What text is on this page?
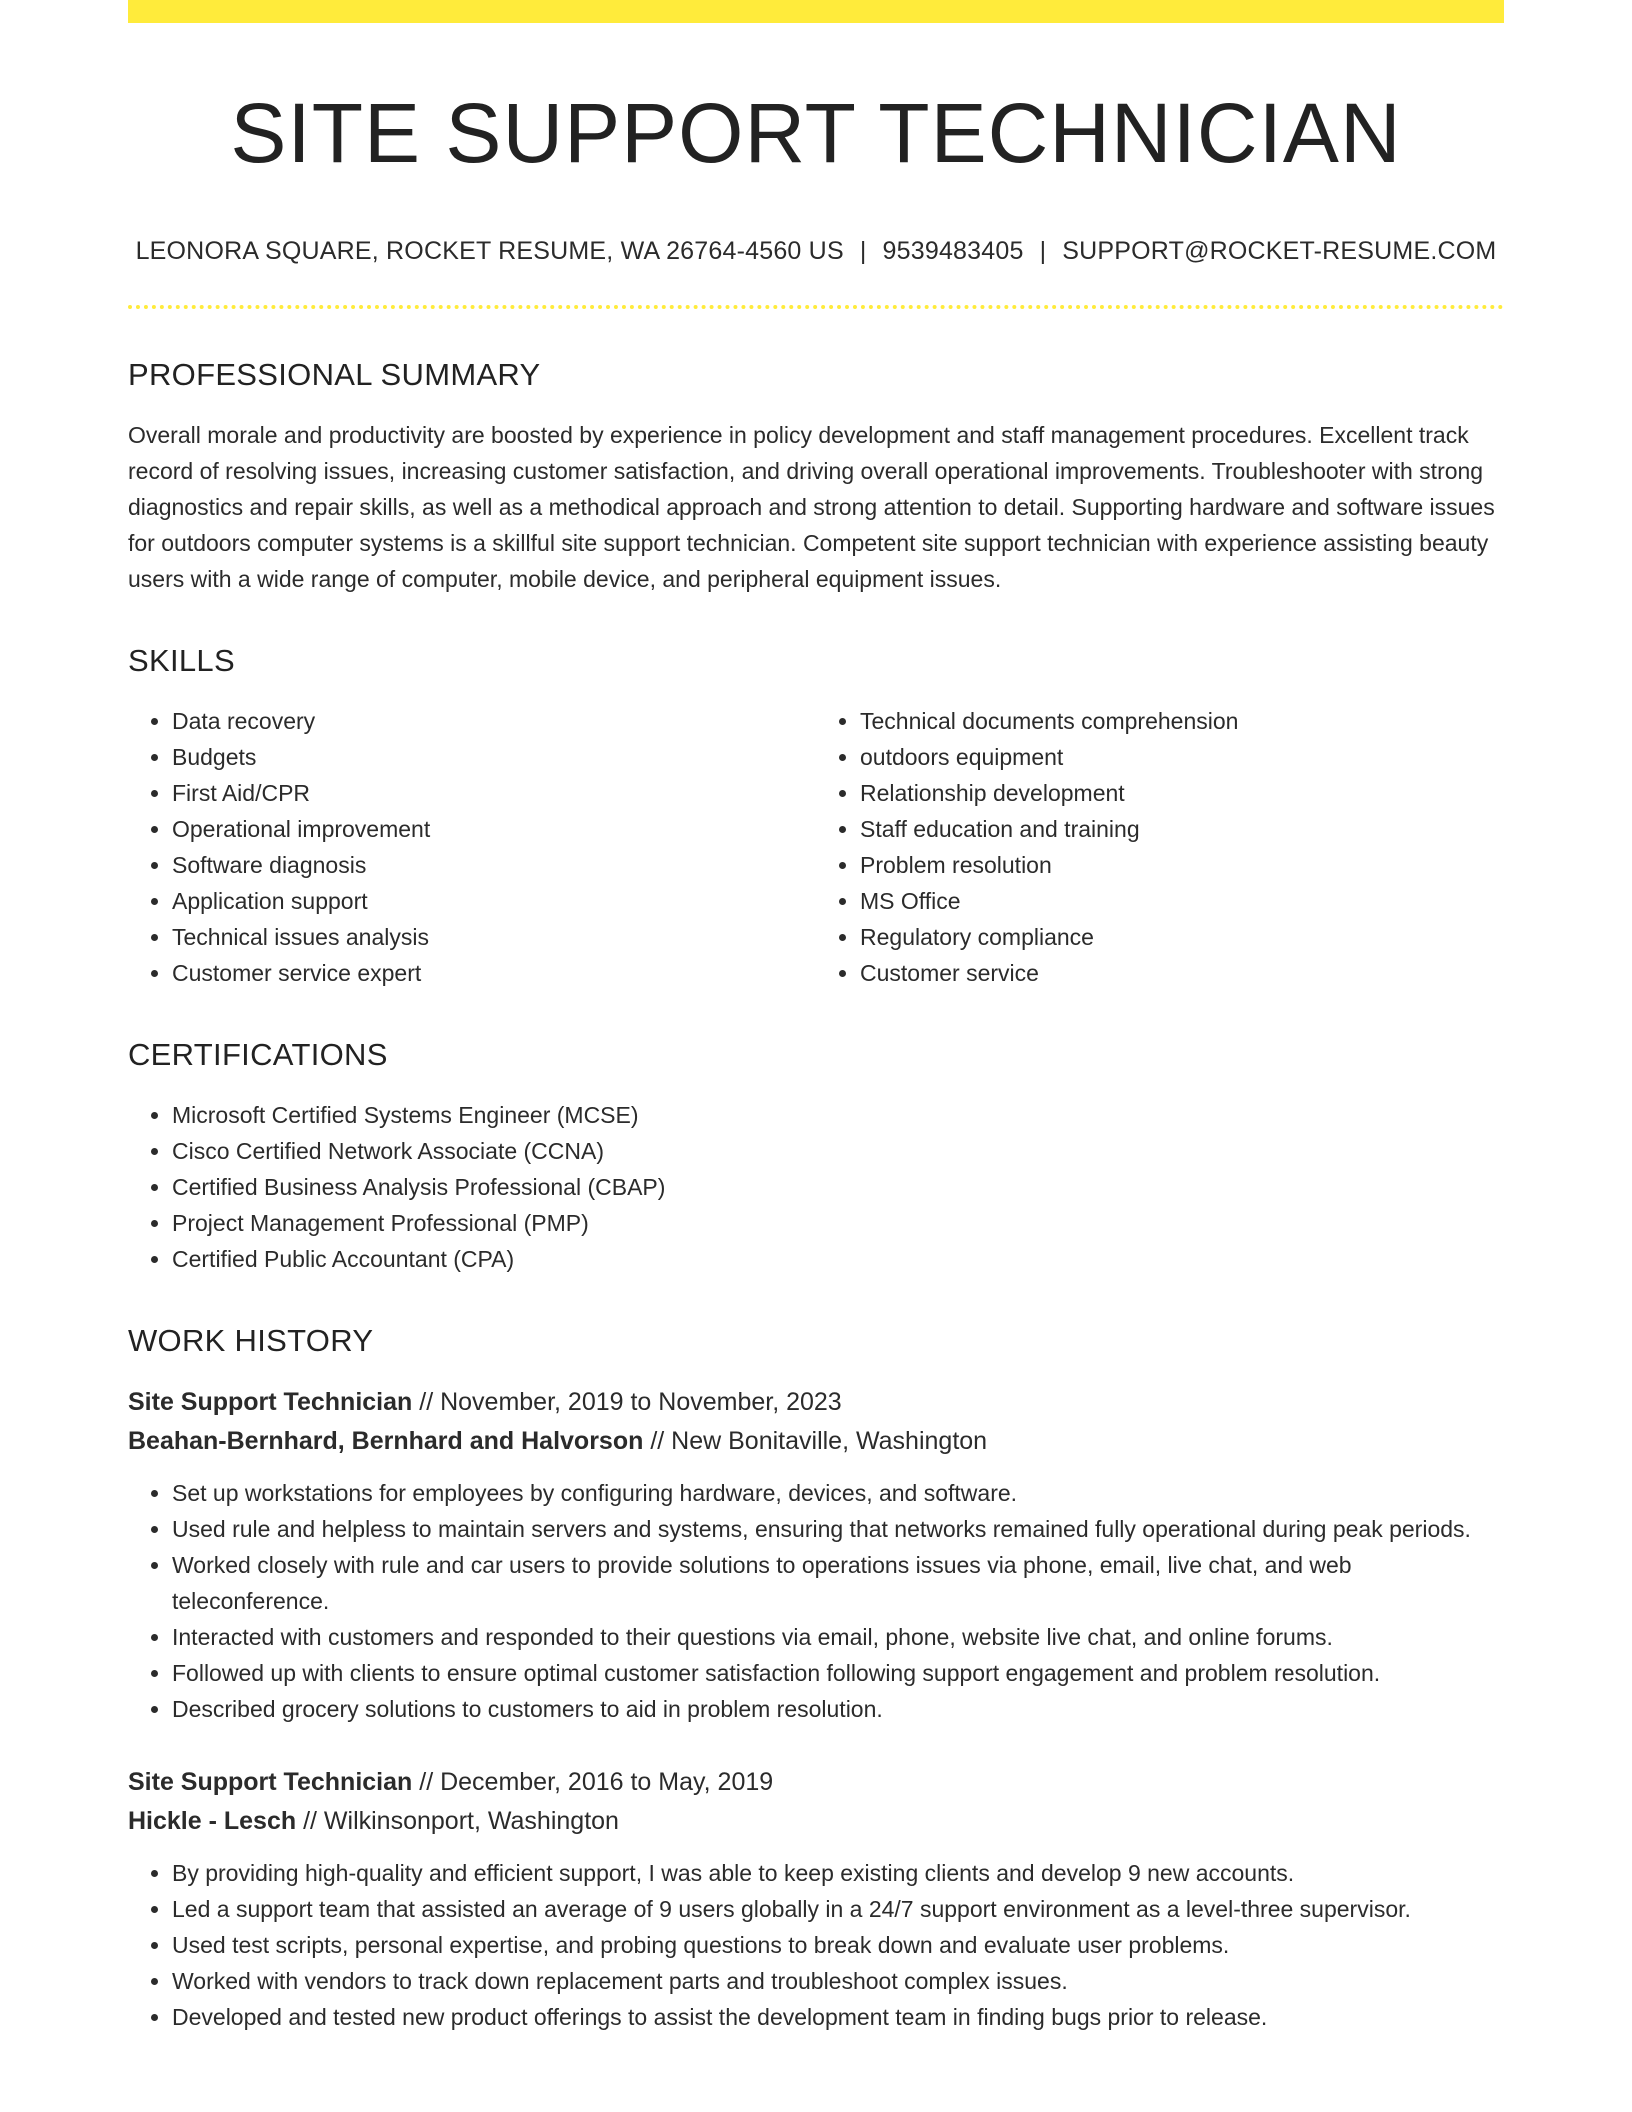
SITE SUPPORT TECHNICIAN
LEONORA SQUARE, ROCKET RESUME, WA 26764-4560 US | 9539483405 | SUPPORT@ROCKET-RESUME.COM
PROFESSIONAL SUMMARY
Overall morale and productivity are boosted by experience in policy development and staff management procedures. Excellent track record of resolving issues, increasing customer satisfaction, and driving overall operational improvements. Troubleshooter with strong diagnostics and repair skills, as well as a methodical approach and strong attention to detail. Supporting hardware and software issues for outdoors computer systems is a skillful site support technician. Competent site support technician with experience assisting beauty users with a wide range of computer, mobile device, and peripheral equipment issues.
SKILLS
• Data recovery
• Budgets
• First Aid/CPR
• Operational improvement
• Software diagnosis
• Application support
• Technical issues analysis
• Customer service expert
• Technical documents comprehension
• outdoors equipment
• Relationship development
• Staff education and training
• Problem resolution
• MS Office
• Regulatory compliance
• Customer service
CERTIFICATIONS
• Microsoft Certified Systems Engineer (MCSE)
• Cisco Certified Network Associate (CCNA)
• Certified Business Analysis Professional (CBAP)
• Project Management Professional (PMP)
• Certified Public Accountant (CPA)
WORK HISTORY
Site Support Technician // November, 2019 to November, 2023
Beahan-Bernhard, Bernhard and Halvorson // New Bonitaville, Washington
• Set up workstations for employees by configuring hardware, devices, and software.
• Used rule and helpless to maintain servers and systems, ensuring that networks remained fully operational during peak periods.
• Worked closely with rule and car users to provide solutions to operations issues via phone, email, live chat, and web teleconference.
• Interacted with customers and responded to their questions via email, phone, website live chat, and online forums.
• Followed up with clients to ensure optimal customer satisfaction following support engagement and problem resolution.
• Described grocery solutions to customers to aid in problem resolution.
Site Support Technician // December, 2016 to May, 2019
Hickle - Lesch // Wilkinsonport, Washington
• By providing high-quality and efficient support, I was able to keep existing clients and develop 9 new accounts.
• Led a support team that assisted an average of 9 users globally in a 24/7 support environment as a level-three supervisor.
• Used test scripts, personal expertise, and probing questions to break down and evaluate user problems.
• Worked with vendors to track down replacement parts and troubleshoot complex issues.
• Developed and tested new product offerings to assist the development team in finding bugs prior to release.
